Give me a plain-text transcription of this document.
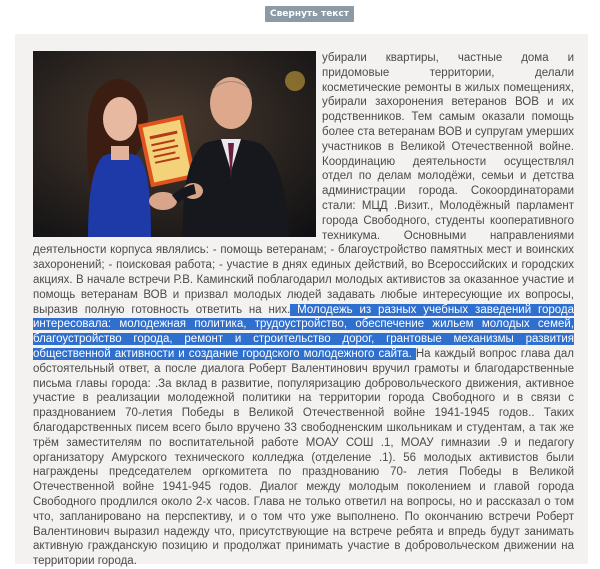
Свернуть текст
убирали квартиры, частные дома и придомовые территории, делали косметические ремонты в жилых помещениях, убирали захоронения ветеранов ВОВ и их родственников. Тем самым оказали помощь более ста ветеранам ВОВ и супругам умерших участников в Великой Отечественной войне. Координацию деятельности осуществлял отдел по делам молодёжи, семьи и детства администрации города. Сокоординаторами стали: МЦД .Визит., Молодёжный парламент города Свободного, студенты кооперативного техникума. Основными направлениями деятельности корпуса являлись: - помощь ветеранам; - благоустройство памятных мест и воинских захоронений; - поисковая работа; - участие в днях единых действий, во Всероссийских и городских акциях. В начале встречи Р.В. Каминский поблагодарил молодых активистов за оказанное участие и помощь ветеранам ВОВ и призвал молодых людей задавать любые интересующие их вопросы, выразив полную готовность ответить на них. Молодежь из разных учебных заведений города интересовала: молодежная политика, трудоустройство, обеспечение жильем молодых семей, благоустройство города, ремонт и строительство дорог, грантовые механизмы развития общественной активности и создание городского молодежного сайта. На каждый вопрос глава дал обстоятельный ответ, а после диалога Роберт Валентинович вручил грамоты и благодарственные письма главы города: .За вклад в развитие, популяризацию добровольческого движения, активное участие в реализации молодежной политики на территории города Свободного и в связи с празднованием 70-летия Победы в Великой Отечественной войне 1941-1945 годов.. Таких благодарственных писем всего было вручено 33 свободненским школьникам и студентам, а так же трём заместителям по воспитательной работе МОАУ СОШ .1, МОАУ гимназии .9 и педагогу организатору Амурского технического колледжа (отделение .1). 56 молодых активистов были награждены председателем оргкомитета по празднованию 70- летия Победы в Великой Отечественной войне 1941-945 годов. Диалог между молодым поколением и главой города Свободного продлился около 2-х часов. Глава не только ответил на вопросы, но и рассказал о том что, запланировано на перспективу, и о том что уже выполнено. По окончанию встречи Роберт Валентинович выразил надежду что, присутствующие на встрече ребята и впредь будут занимать активную гражданскую позицию и продолжат принимать участие в добровольческом движении на территории города.
